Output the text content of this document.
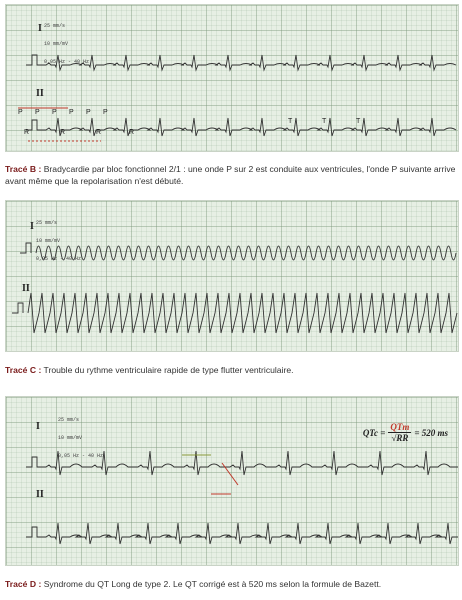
25 mm/s

10 mm/mV

0,05 Hz - 40 Hz

I
II
P P P P P P
R	R	R	R
T	T	T
Tracé B : Bradycardie par bloc fonctionnel 2/1 : une onde P sur 2 est conduite aux ventricules, l'onde P suivante arrive avant même que la repolarisation n'est débuté.

25 mm/s

10 mm/mV

0,05 Hz - 40 Hz

I
II
Tracé C : Trouble du rythme ventriculaire rapide de type flutter ventriculaire.

25 mm/s

10 mm/mV

0,05 Hz - 40 Hz

I
II
QTc = $\frac{\text{QTm}}{√RR} = 520$ ms
Tracé D : Syndrome du QT Long de type 2. Le QT corrigé est à 520 ms selon la formule de Bazett.
